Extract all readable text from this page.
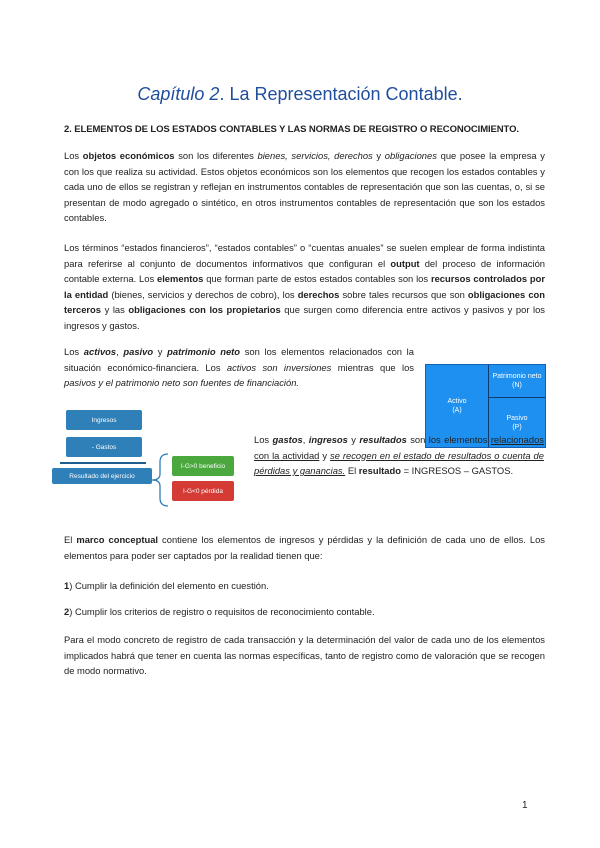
Capítulo 2. La Representación Contable.
2. ELEMENTOS DE LOS ESTADOS CONTABLES Y LAS NORMAS DE REGISTRO O RECONOCIMIENTO.

Los objetos económicos son los diferentes bienes, servicios, derechos y obligaciones que posee la empresa y con los que realiza su actividad. Estos objetos económicos son los elementos que recogen los estados contables y cada uno de ellos se registran y reflejan en instrumentos contables de representación que son las cuentas, o, si se presentan de modo agregado o sintético, en otros instrumentos contables de representación que son los estados contables.

Los términos “estados financieros”, “estados contables” o “cuentas anuales” se suelen emplear de forma indistinta para referirse al conjunto de documentos informativos que configuran el output del proceso de información contable externa. Los elementos que forman parte de estos estados contables son los recursos controlados por la entidad (bienes, servicios y derechos de cobro), los derechos sobre tales recursos que son obligaciones con terceros y las obligaciones con los propietarios que surgen como diferencia entre activos y pasivos y por los ingresos y gastos.

Los activos, pasivo y patrimonio neto son los elementos relacionados con la situación económico-financiera. Los activos son inversiones mientras que los pasivos y el patrimonio neto son fuentes de financiación.

Activo
(A)
Patrimonio neto (N)
Pasivo
(P)
Ingresos
- Gastos
Resultado del ejercicio
I-G>0 beneficio
I-G<0 pérdida

Los gastos, ingresos y resultados son los elementos relacionados con la actividad y se recogen en el estado de resultados o cuenta de pérdidas y ganancias. El resultado = INGRESOS – GASTOS.

El marco conceptual contiene los elementos de ingresos y pérdidas y la definición de cada uno de ellos. Los elementos para poder ser captados por la realidad tienen que:

1) Cumplir la definición del elemento en cuestión.

2) Cumplir los criterios de registro o requisitos de reconocimiento contable.

Para el modo concreto de registro de cada transacción y la determinación del valor de cada uno de los elementos implicados habrá que tener en cuenta las normas específicas, tanto de registro como de valoración que se recogen de modo normativo.

1
